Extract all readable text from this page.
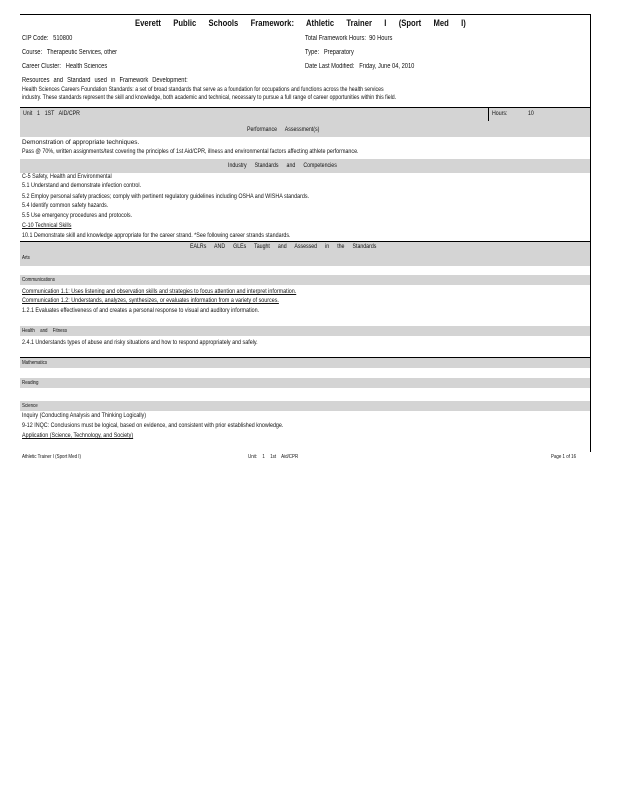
Everett Public Schools Framework: Athletic Trainer I (Sport Med I)
CIP Code: 510800	Total Framework Hours: 90 Hours
Course: Therapeutic Services, other	Type: Preparatory
Career Cluster: Health Sciences	Date Last Modified: Friday, June 04, 2010
Resources and Standard used in Framework Development:
Health Sciences Careers Foundation Standards: a set of broad standards that serve as a foundation for occupations and functions across the health services
industry. These standards represent the skill and knowledge, both academic and technical, necessary to pursue a full range of career opportunities within this field.
Unit 1 1ST AID/CPR	Hours:	10
Performance Assessment(s)
Demonstration of appropriate techniques.
Pass @ 70%, written assignments/test covering the principles of 1st Aid/CPR, illness and environmental factors affecting athlete performance.
Industry Standards and Competencies
C-5 Safety, Health and Environmental
5.1 Understand and demonstrate infection control.
5.2 Employ personal safety practices; comply with pertinent regulatory guidelines including OSHA and WISHA standards.
5.4 Identify common safety hazards.
5.5 Use emergency procedures and protocols.
C-10 Technical Skills
10.1 Demonstrate skill and knowledge appropriate for the career strand. *See following career strands standards.
EALRs AND GLEs Taught and Assessed in the Standards
Arts
Communications
Communication 1.1: Uses listening and observation skills and strategies to focus attention and interpret information.
Communication 1.2: Understands, analyzes, synthesizes, or evaluates information from a variety of sources.
1.2.1 Evaluates effectiveness of and creates a personal response to visual and auditory information.
Health and Fitness
2.4.1 Understands types of abuse and risky situations and how to respond appropriately and safely.
Mathematics
Reading
Science
Inquiry (Conducting Analysis and Thinking Logically)
9-12 INQC: Conclusions must be logical, based on evidence, and consistent with prior established knowledge.
Application (Science, Technology, and Society)
Athletic Trainer I (Sport Med I)	Unit: 1 1st Aid/CPR	Page 1 of 16
